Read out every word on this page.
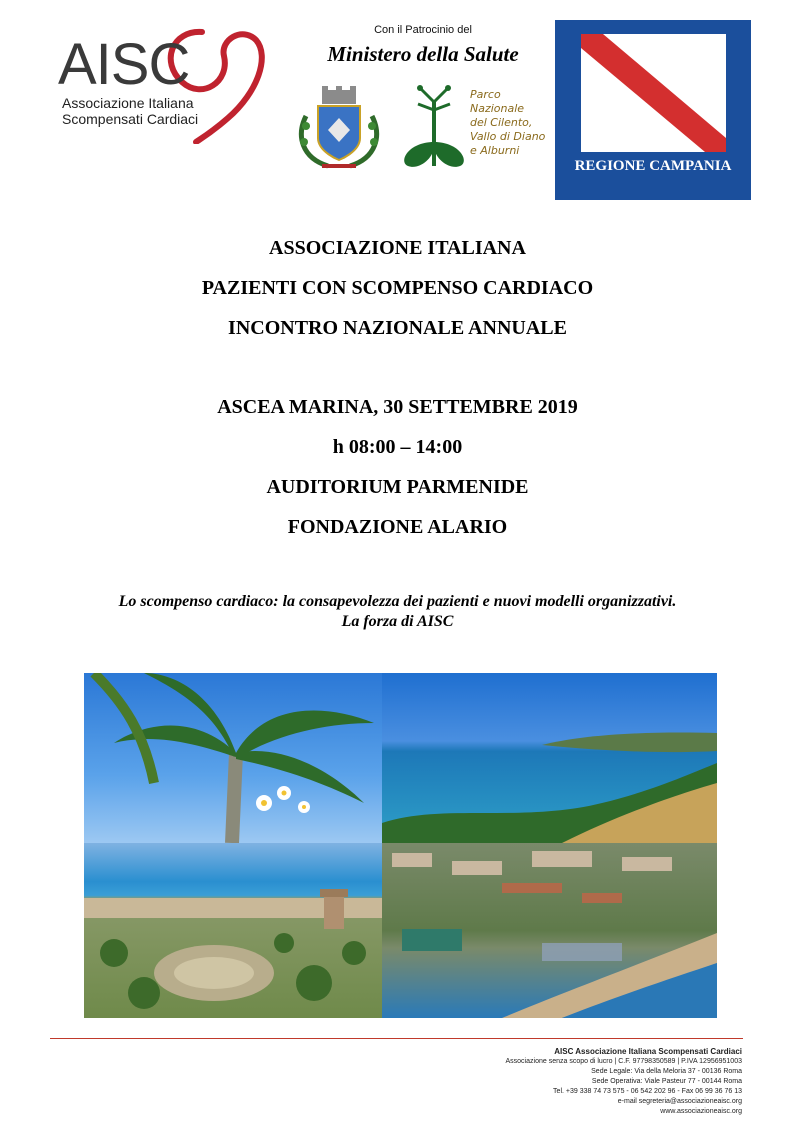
AISC
Associazione Italiana
Scompensati Cardiaci
Con il Patrocinio del
Ministero della Salute
Parco Nazionale
del Cilento,
Vallo di Diano
e Alburni
REGIONE CAMPANIA
ASSOCIAZIONE ITALIANA
PAZIENTI CON SCOMPENSO CARDIACO
INCONTRO NAZIONALE ANNUALE
ASCEA MARINA, 30 SETTEMBRE 2019
h 08:00 – 14:00
AUDITORIUM PARMENIDE
FONDAZIONE ALARIO
Lo scompenso cardiaco: la consapevolezza dei pazienti e nuovi modelli organizzativi.
La forza di AISC
AISC Associazione Italiana Scompensati Cardiaci
Associazione senza scopo di lucro | C.F. 97798350589 | P.IVA 12956951003
Sede Legale: Via della Meloria 37 - 00136 Roma
Sede Operativa: Viale Pasteur 77 - 00144 Roma
Tel. +39 338 74 73 575 - 06 542 202 96 - Fax 06 99 36 76 13
e-mail segreteria@associazioneaisc.org
www.associazioneaisc.org
